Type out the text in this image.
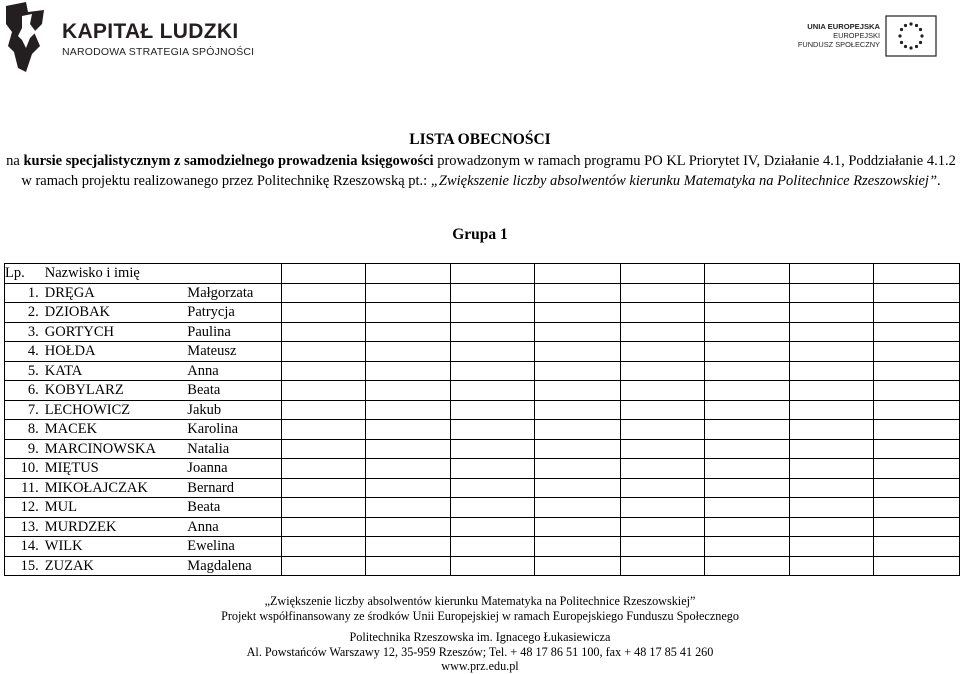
KAPITAŁ LUDZKI
NARODOWA STRATEGIA SPÓJNOŚCI
UNIA EUROPEJSKA
EUROPEJSKI
FUNDUSZ SPOŁECZNY
LISTA OBECNOŚCI
na kursie specjalistycznym z samodzielnego prowadzenia księgowości prowadzonym w ramach programu PO KL Priorytet IV, Działanie 4.1, Poddziałanie 4.1.2 w ramach projektu realizowanego przez Politechnikę Rzeszowską pt.: „Zwiększenie liczby absolwentów kierunku Matematyka na Politechnice Rzeszowskiej”.
Grupa 1
Lp.	Nazwisko i imię									
1.	DRĘGA	Małgorzata								
2.	DZIOBAK	Patrycja								
3.	GORTYCH	Paulina								
4.	HOŁDA	Mateusz								
5.	KATA	Anna								
6.	KOBYLARZ	Beata								
7.	LECHOWICZ	Jakub								
8.	MACEK	Karolina								
9.	MARCINOWSKA	Natalia								
10.	MIĘTUS	Joanna								
11.	MIKOŁAJCZAK	Bernard								
12.	MUL	Beata								
13.	MURDZEK	Anna								
14.	WILK	Ewelina								
15.	ZUZAK	Magdalena								
„Zwiększenie liczby absolwentów kierunku Matematyka na Politechnice Rzeszowskiej”
Projekt współfinansowany ze środków Unii Europejskiej w ramach Europejskiego Funduszu Społecznego
Politechnika Rzeszowska im. Ignacego Łukasiewicza
Al. Powstańców Warszawy 12, 35-959 Rzeszów; Tel. + 48 17 86 51 100, fax + 48 17 85 41 260
www.prz.edu.pl
